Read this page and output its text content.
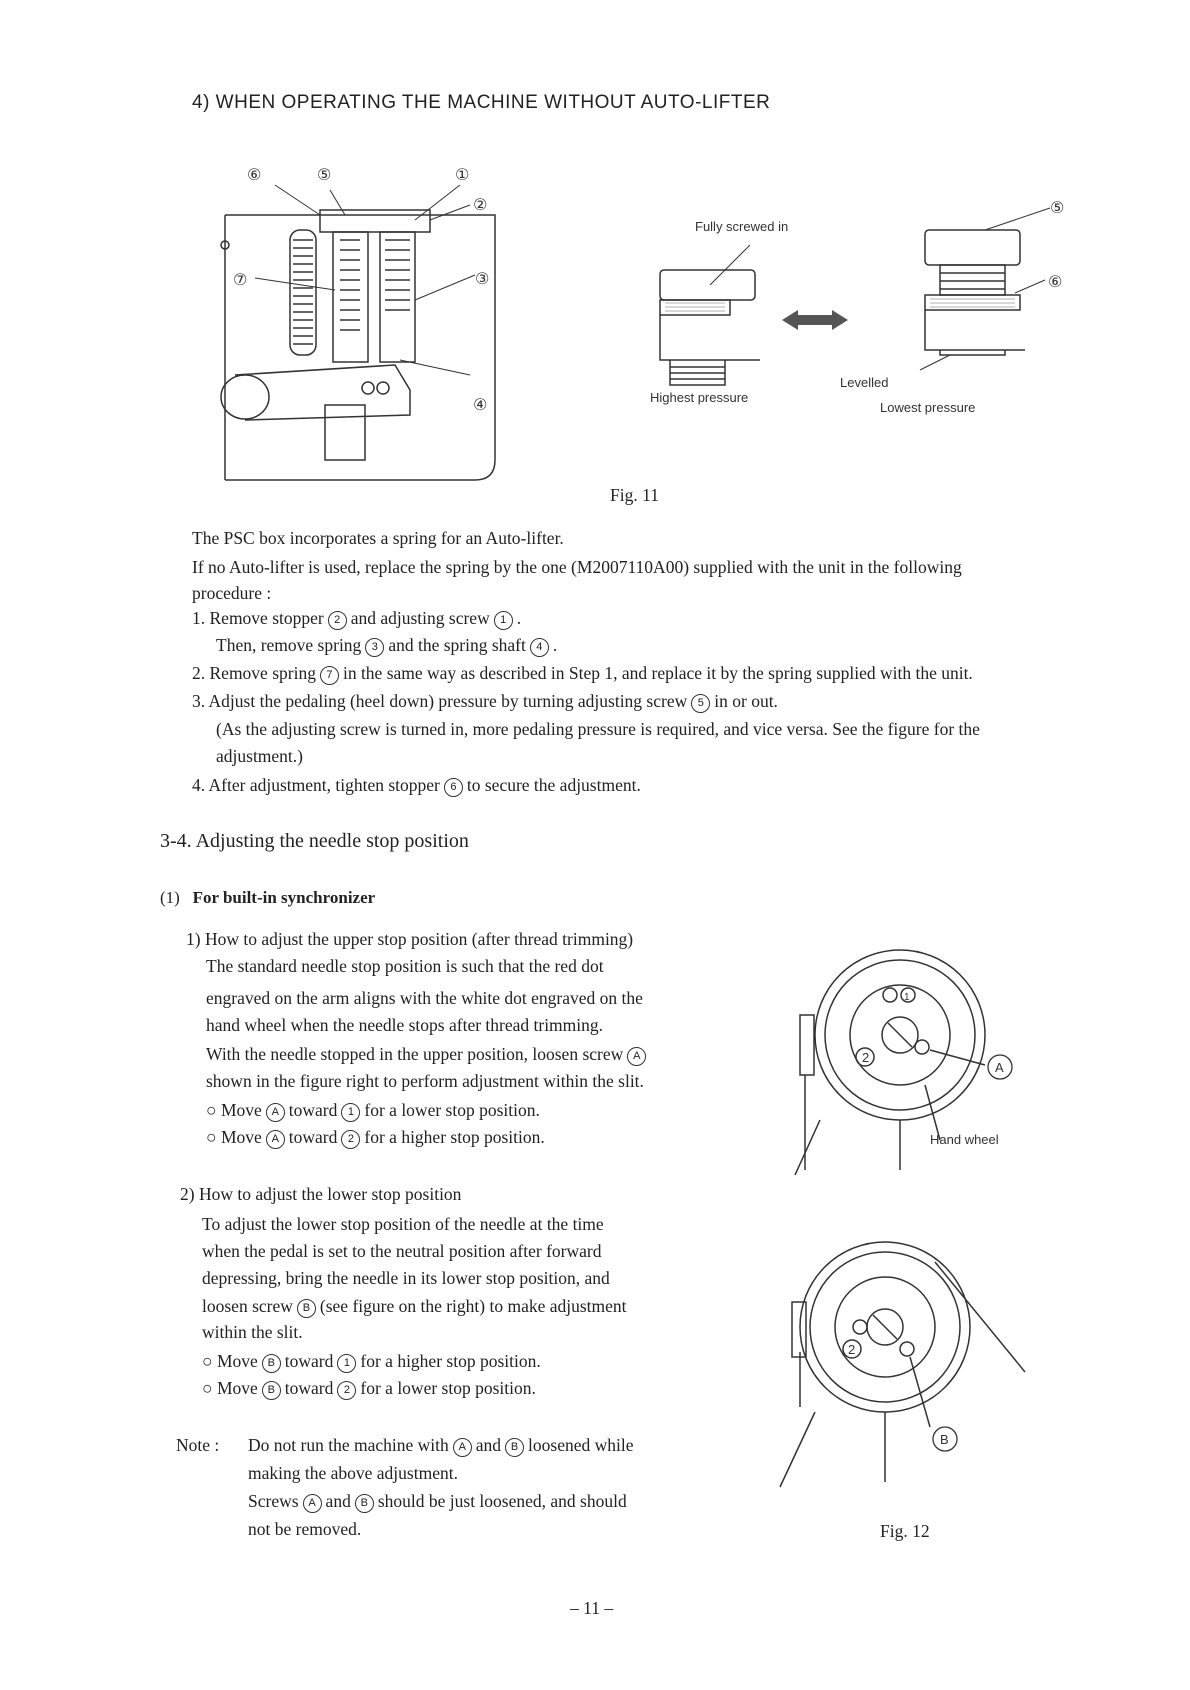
4) WHEN OPERATING THE MACHINE WITHOUT AUTO-LIFTER
⑥	⑤	①
②
⑦	③
④
Fully screwed in
Highest pressure
Levelled
Lowest pressure
⑤
⑥
Fig. 11
The PSC box incorporates a spring for an Auto-lifter.
If no Auto-lifter is used, replace the spring by the one (M2007110A00) supplied with the unit in the following
procedure :
1. Remove stopper 2 and adjusting screw 1 .
Then, remove spring 3 and the spring shaft 4 .
2. Remove spring 7 in the same way as described in Step 1, and replace it by the spring supplied with the unit.
3. Adjust the pedaling (heel down) pressure by turning adjusting screw 5 in or out.
(As the adjusting screw is turned in, more pedaling pressure is required, and vice versa. See the figure for the
adjustment.)
4. After adjustment, tighten stopper 6 to secure the adjustment.
3-4. Adjusting the needle stop position
(1) For built-in synchronizer
1) How to adjust the upper stop position (after thread trimming)
The standard needle stop position is such that the red dot
engraved on the arm aligns with the white dot engraved on the
hand wheel when the needle stops after thread trimming.
With the needle stopped in the upper position, loosen screw A
shown in the figure right to perform adjustment within the slit.
○ Move A toward 1 for a lower stop position.
○ Move A toward 2 for a higher stop position.
2) How to adjust the lower stop position
To adjust the lower stop position of the needle at the time
when the pedal is set to the neutral position after forward
depressing, bring the needle in its lower stop position, and
loosen screw B (see figure on the right) to make adjustment
within the slit.
○ Move B toward 1 for a higher stop position.
○ Move B toward 2 for a lower stop position.
Note : Do not run the machine with A and B loosened while
making the above adjustment.
Screws A and B should be just loosened, and should
not be removed.
2
1
A
Hand wheel
2
B
Fig. 12
– 11 –
